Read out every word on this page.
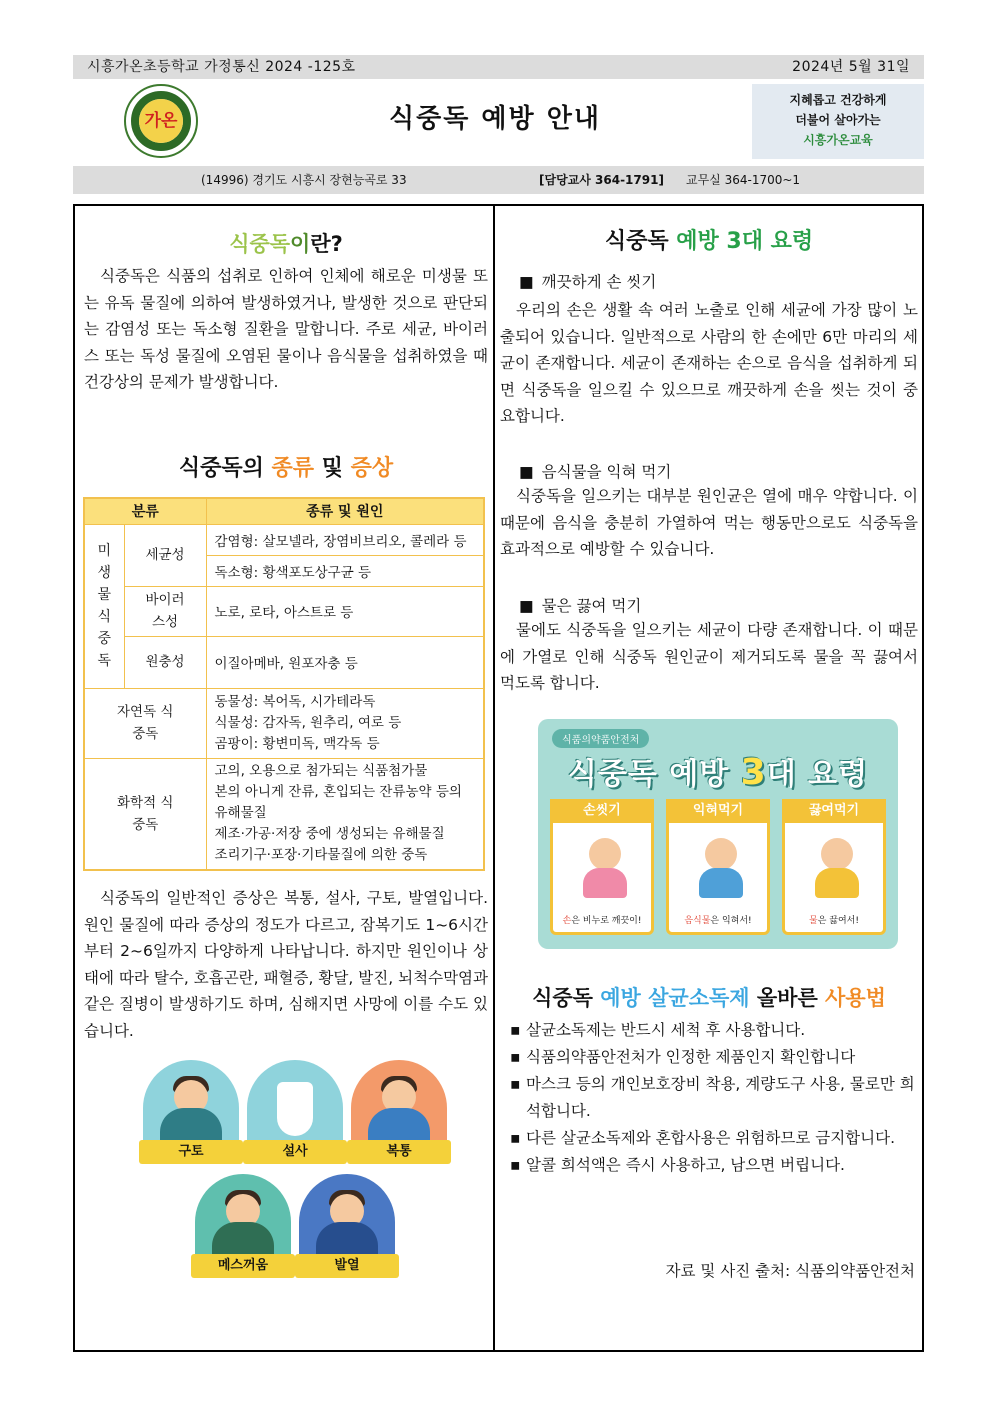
시흥가온초등학교 가정통신 2024 -125호	2024년 5월 31일
가온	식중독 예방 안내
지혜롭고 건강하게
더불어 살아가는
시흥가온교육
(14996) 경기도 시흥시 장현능곡로 33	[담당교사 364-1791] 교무실 364-1700~1
식중독이란?
식중독은 식품의 섭취로 인하여 인체에 해로운 미생물 또는 유독 물질에 의하여 발생하였거나, 발생한 것으로 판단되는 감염성 또는 독소형 질환을 말합니다. 주로 세균, 바이러스 또는 독성 물질에 오염된 물이나 음식물을 섭취하였을 때 건강상의 문제가 발생합니다.
식중독의 종류 및 증상
분류		종류 및 원인

미생물식중독	세균성	감염형: 살모넬라, 장염비브리오, 콜레라 등
		독소형: 황색포도상구균 등

	바이러스성	노로, 로타, 아스트로 등
	원충성	이질아메바, 원포자충 등

자연독 식중독		동물성: 복어독, 시가테라독
식물성: 감자독, 원추리, 여로 등
곰팡이: 황변미독, 맥각독 등

화학적 식중독		고의, 오용으로 첨가되는 식품첨가물
본의 아니게 잔류, 혼입되는 잔류농약 등의 유해물질
제조·가공·저장 중에 생성되는 유해물질
조리기구·포장·기타물질에 의한 중독
식중독의 일반적인 증상은 복통, 설사, 구토, 발열입니다. 원인 물질에 따라 증상의 정도가 다르고, 잠복기도 1~6시간부터 2~6일까지 다양하게 나타납니다. 하지만 원인이나 상태에 따라 탈수, 호흡곤란, 패혈증, 황달, 발진, 뇌척수막염과 같은 질병이 발생하기도 하며, 심해지면 사망에 이를 수도 있습니다.
구토	설사	복통
메스꺼움	발열
식중독 예방 3대 요령
■ 깨끗하게 손 씻기
우리의 손은 생활 속 여러 노출로 인해 세균에 가장 많이 노출되어 있습니다. 일반적으로 사람의 한 손에만 6만 마리의 세균이 존재합니다. 세균이 존재하는 손으로 음식을 섭취하게 되면 식중독을 일으킬 수 있으므로 깨끗하게 손을 씻는 것이 중요합니다.
■ 음식물을 익혀 먹기
식중독을 일으키는 대부분 원인균은 열에 매우 약합니다. 이 때문에 음식을 충분히 가열하여 먹는 행동만으로도 식중독을 효과적으로 예방할 수 있습니다.
■ 물은 끓여 먹기
물에도 식중독을 일으키는 세균이 다량 존재합니다. 이 때문에 가열로 인해 식중독 원인균이 제거되도록 물을 꼭 끓여서 먹도록 합니다.
식품의약품안전처
식중독 예방 3대 요령
손씻기
손은 비누로 깨끗이!
익혀먹기
음식물은 익혀서!
끓여먹기
물은 끓여서!
식중독 예방 살균소독제 올바른 사용법
▪ 살균소독제는 반드시 세척 후 사용합니다.
▪ 식품의약품안전처가 인정한 제품인지 확인합니다
▪ 마스크 등의 개인보호장비 착용, 계량도구 사용, 물로만 희석합니다.
▪ 다른 살균소독제와 혼합사용은 위험하므로 금지합니다.
▪ 알콜 희석액은 즉시 사용하고, 남으면 버립니다.
자료 및 사진 출처: 식품의약품안전처
